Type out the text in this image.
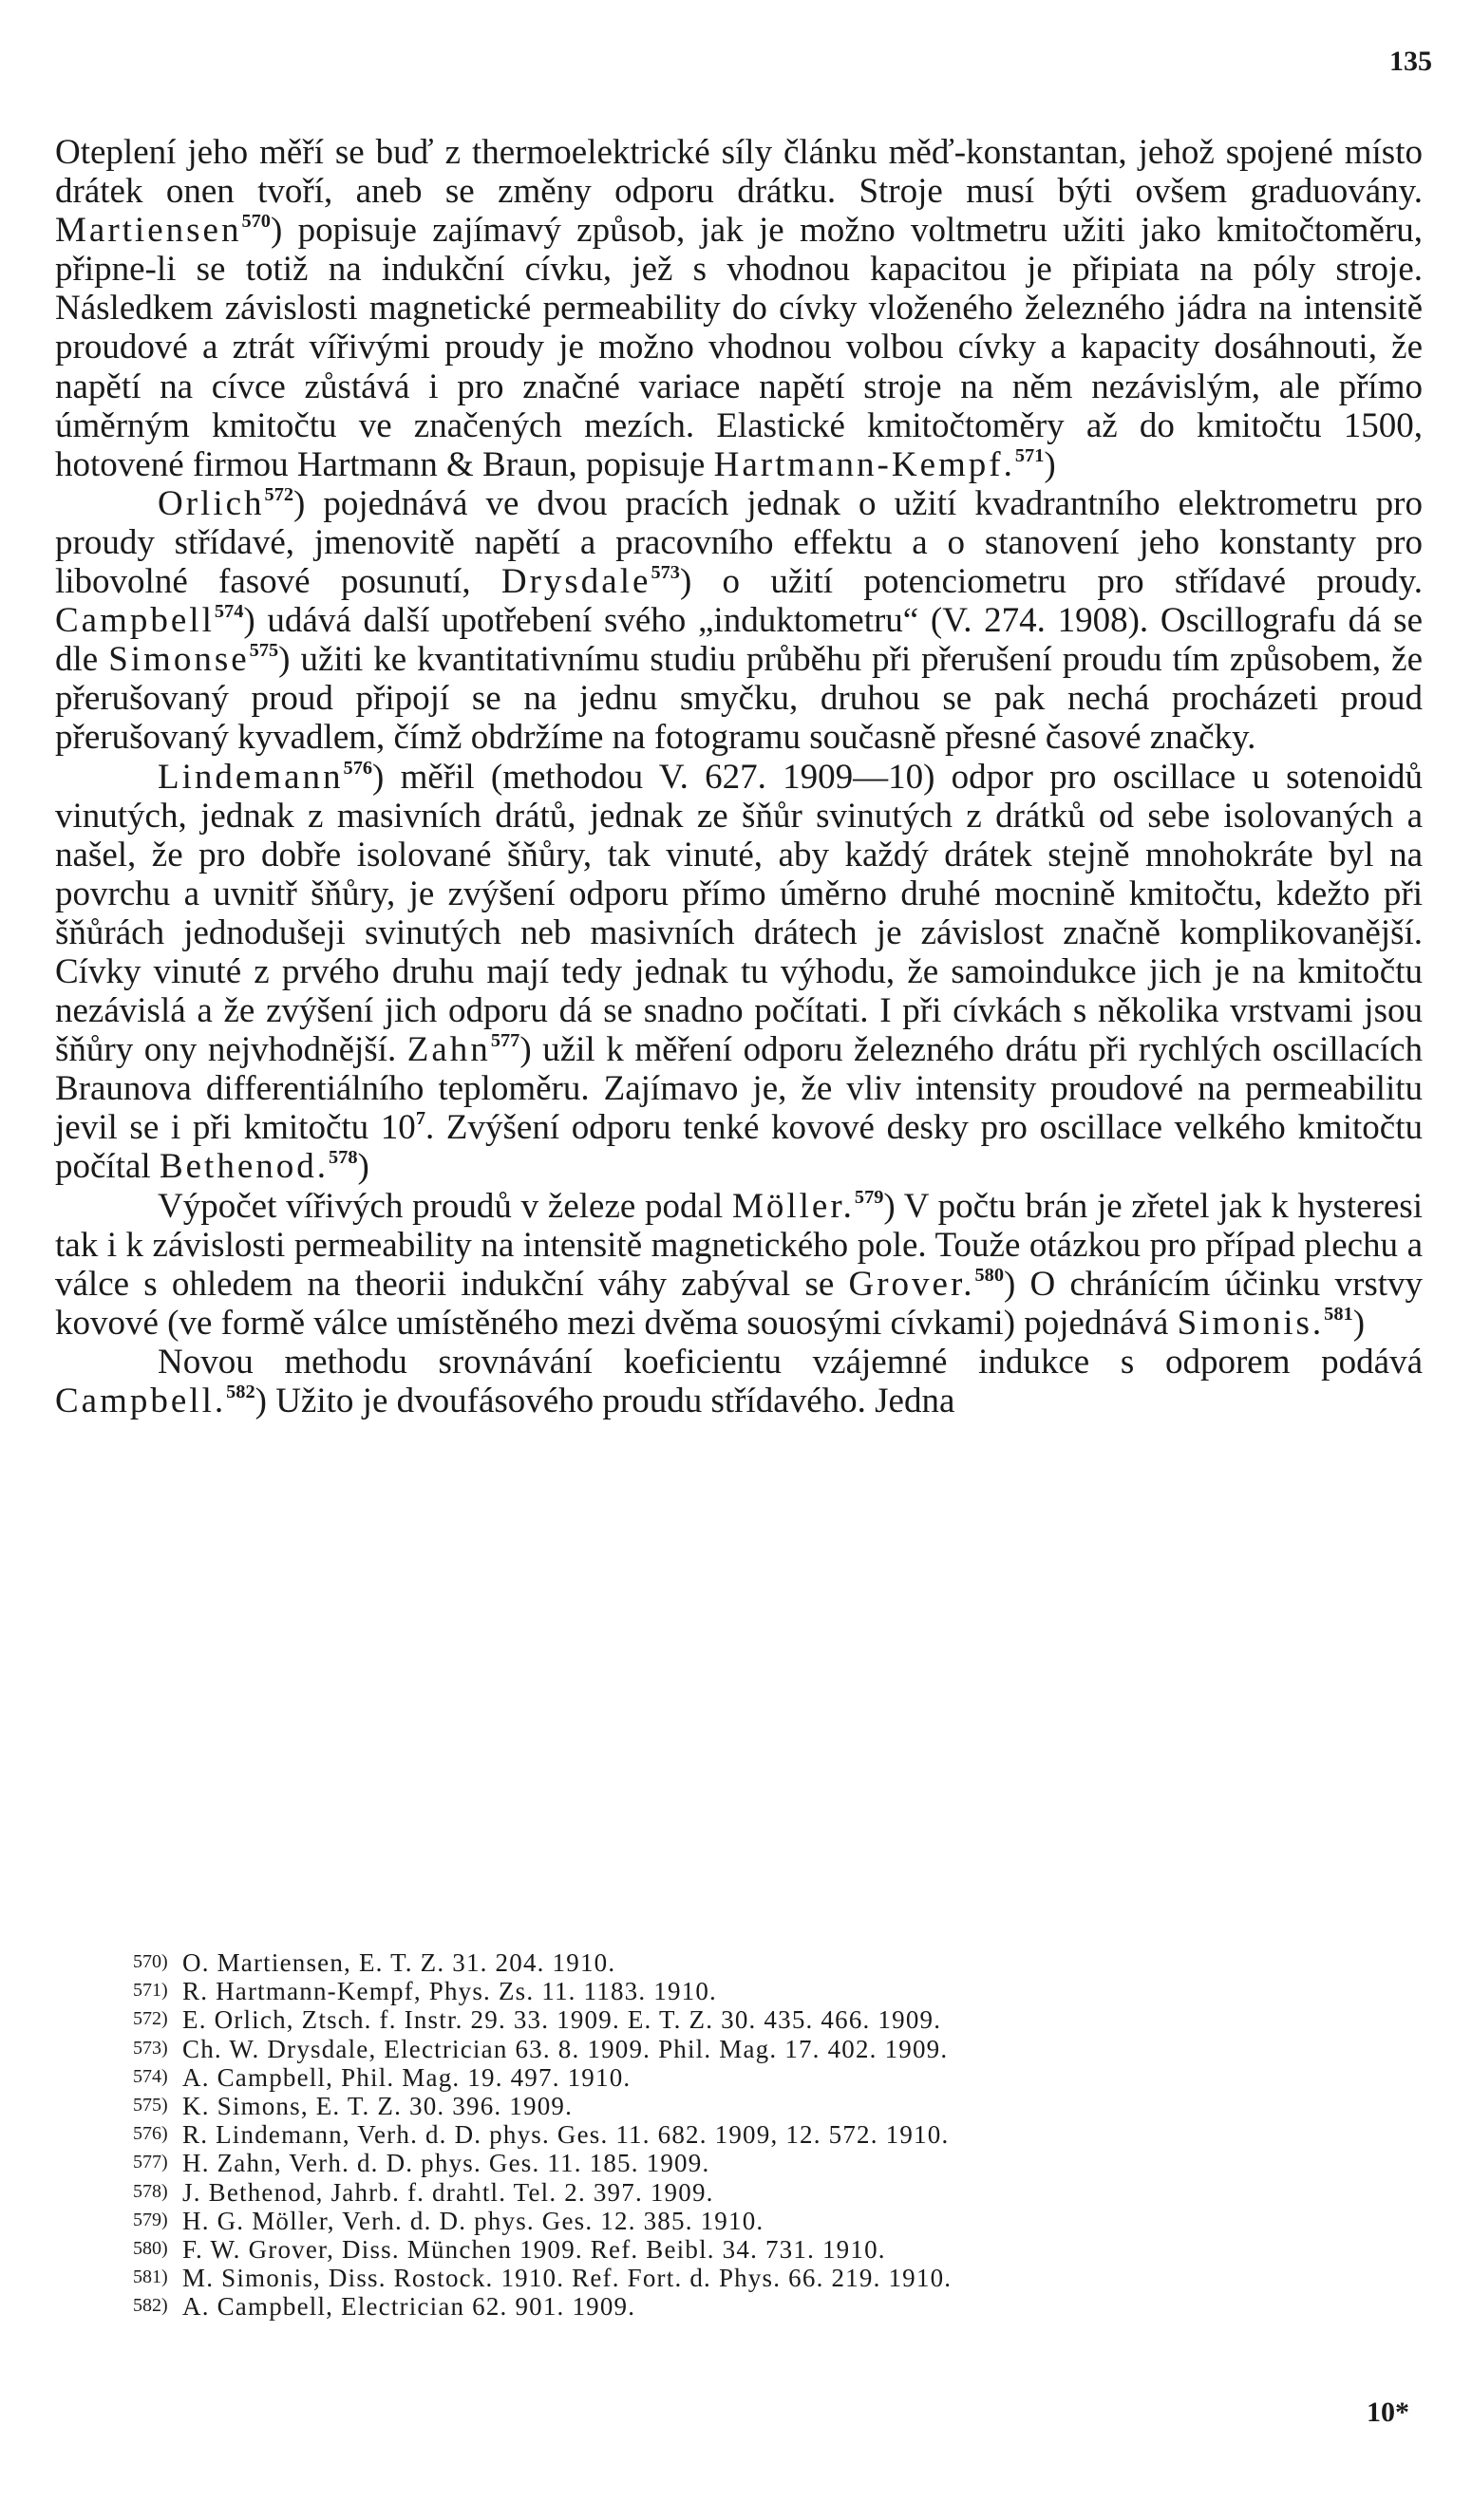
135

Oteplení jeho měří se buď z thermoelektrické síly článku měď-konstantan, jehož spojené místo drátek onen tvoří, aneb se změny odporu drátku. Stroje musí býti ovšem graduovány. Martiensen$^{570}$) popisuje zajímavý způsob, jak je možno voltmetru užiti jako kmitočtoměru, připne-li se totiž na indukční cívku, jež s vhodnou kapacitou je připiata na póly stroje. Následkem závislosti magnetické permeability do cívky vloženého železného jádra na intensitě proudové a ztrát vířivými proudy je možno vhodnou volbou cívky a kapacity dosáhnouti, že napětí na cívce zůstává i pro značné variace napětí stroje na něm nezávislým, ale přímo úměrným kmitočtu ve značených mezích. Elastické kmitočtoměry až do kmitočtu 1500, hotovené firmou Hartmann & Braun, popisuje Hartmann-Kempf.$^{571}$)

Orlich$^{572}$) pojednává ve dvou pracích jednak o užití kvadrantního elektrometru pro proudy střídavé, jmenovitě napětí a pracovního effektu a o stanovení jeho konstanty pro libovolné fasové posunutí, Drysdale$^{573}$) o užití potenciometru pro střídavé proudy. Campbell$^{574}$) udává další upotřebení svého „induktometru“ (V. 274. 1908). Oscillografu dá se dle Simonse$^{575}$) užiti ke kvantitativnímu studiu průběhu při přerušení proudu tím způsobem, že přerušovaný proud připojí se na jednu smyčku, druhou se pak nechá procházeti proud přerušovaný kyvadlem, čímž obdržíme na fotogramu současně přesné časové značky.

Lindemann$^{576}$) měřil (methodou V. 627. 1909—10) odpor pro oscillace u sotenoidů vinutých, jednak z masivních drátů, jednak ze šňůr svinutých z drátků od sebe isolovaných a našel, že pro dobře isolované šňůry, tak vinuté, aby každý drátek stejně mnohokráte byl na povrchu a uvnitř šňůry, je zvýšení odporu přímo úměrno druhé mocnině kmitočtu, kdežto při šňůrách jednodušeji svinutých neb masivních drátech je závislost značně komplikovanější. Cívky vinuté z prvého druhu mají tedy jednak tu výhodu, že samoindukce jich je na kmitočtu nezávislá a že zvýšení jich odporu dá se snadno počítati. I při cívkách s několika vrstvami jsou šňůry ony nejvhodnější. Zahn$^{577}$) užil k měření odporu železného drátu při rychlých oscillacích Braunova differentiálního teploměru. Zajímavo je, že vliv intensity proudové na permeabilitu jevil se i při kmitočtu $10^7$. Zvýšení odporu tenké kovové desky pro oscillace velkého kmitočtu počítal Bethenod.$^{578}$)

Výpočet vířivých proudů v železe podal Möller.$^{579}$) V počtu brán je zřetel jak k hysteresi tak i k závislosti permeability na intensitě magnetického pole. Touže otázkou pro případ plechu a válce s ohledem na theorii indukční váhy zabýval se Grover.$^{580}$) O chránícím účinku vrstvy kovové (ve formě válce umístěného mezi dvěma souosými cívkami) pojednává Simonis.$^{581}$)

Novou methodu srovnávání koeficientu vzájemné indukce s odporem podává Campbell.$^{582}$) Užito je dvoufásového proudu střídavého. Jedna

570) O. Martiensen, E. T. Z. 31. 204. 1910.
571) R. Hartmann-Kempf, Phys. Zs. 11. 1183. 1910.
572) E. Orlich, Ztsch. f. Instr. 29. 33. 1909. E. T. Z. 30. 435. 466. 1909.
573) Ch. W. Drysdale, Electrician 63. 8. 1909. Phil. Mag. 17. 402. 1909.
574) A. Campbell, Phil. Mag. 19. 497. 1910.
575) K. Simons, E. T. Z. 30. 396. 1909.
576) R. Lindemann, Verh. d. D. phys. Ges. 11. 682. 1909, 12. 572. 1910.
577) H. Zahn, Verh. d. D. phys. Ges. 11. 185. 1909.
578) J. Bethenod, Jahrb. f. drahtl. Tel. 2. 397. 1909.
579) H. G. Möller, Verh. d. D. phys. Ges. 12. 385. 1910.
580) F. W. Grover, Diss. München 1909. Ref. Beibl. 34. 731. 1910.
581) M. Simonis, Diss. Rostock. 1910. Ref. Fort. d. Phys. 66. 219. 1910.
582) A. Campbell, Electrician 62. 901. 1909.
10*
